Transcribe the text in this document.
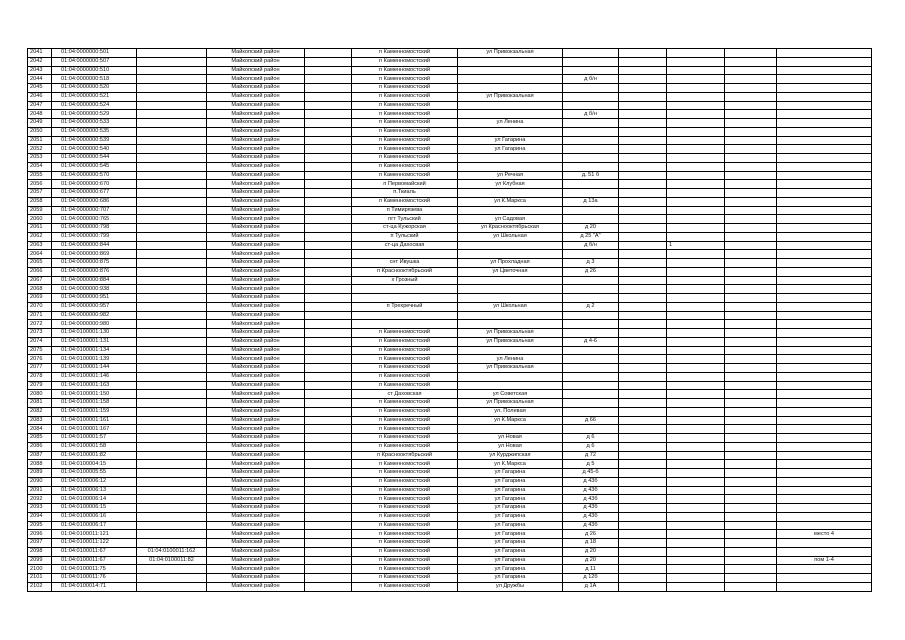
2041	01:04:0000000:501		Майкопский район		п Каменномостский	ул Привокзальная					
2042	01:04:0000000:507		Майкопский район		п Каменномостский						
2043	01:04:0000000:510		Майкопский район		п Каменномостский						
2044	01:04:0000000:518		Майкопский район		п Каменномостский		д б/н				
2045	01:04:0000000:520		Майкопский район		п Каменномостский						
2046	01:04:0000000:521		Майкопский район		п Каменномостский	ул Привокзальная					
2047	01:04:0000000:524		Майкопский район		п Каменномостский						
2048	01:04:0000000:529		Майкопский район		п Каменномостский		д б/н				
2049	01:04:0000000:533		Майкопский район		п Каменномостский	ул Ленина					
2050	01:04:0000000:535		Майкопский район		п Каменномостский						
2051	01:04:0000000:539		Майкопский район		п Каменномостский	ул Гагарина					
2052	01:04:0000000:540		Майкопский район		п Каменномостский	ул Гагарина					
2053	01:04:0000000:544		Майкопский район		п Каменномостский						
2054	01:04:0000000:545		Майкопский район		п Каменномостский						
2055	01:04:0000000:570		Майкопский район		п Каменномостский	ул Речная	д. 51 б				
2056	01:04:0000000:670		Майкопский район		п Первомайский	ул Клубная					
2057	01:04:0000000:677		Майкопский район		п.Ткиаль						
2058	01:04:0000000:686		Майкопский район		п Каменномостский	ул К.Маркса	д 13а				
2059	01:04:0000000:707		Майкопский район		п Тимирязева						
2060	01:04:0000000:765		Майкопский район		пгт Тульский	ул Садовая					
2061	01:04:0000000:798		Майкопский район		ст-ца Кужорская	ул Краснооктябрьская	д 20				
2062	01:04:0000000:799		Майкопский район		п Тульский	ул Школьная	д 25 "А"				
2063	01:04:0000000:844		Майкопский район		ст-ца Дахосвая		д б/н		1		
2064	01:04:0000000:869		Майкопский район								
2065	01:04:0000000:875		Майкопский район		снт Ивушка	ул Прохладная	д 3				
2066	01:04:0000000:876		Майкопский район		п Краснооктябрьский	ул Цветочная	д 26				
2067	01:04:0000000:884		Майкопский район		х Грозный						
2068	01:04:0000000:938		Майкопский район								
2069	01:04:0000000:951		Майкопский район								
2070	01:04:0000000:957		Майкопский район		п Трехречный	ул Школьная	д 2				
2071	01:04:0000000:982		Майкопский район								
2072	01:04:0000000:980		Майкопский район								
2073	01:04:0100001:130		Майкопский район		п Каменномостский	ул Привокзальная					
2074	01:04:0100001:131		Майкопский район		п Каменномостский	ул Привокзальная	д 4-6				
2075	01:04:0100001:134		Майкопский район		п Каменномостский						
2076	01:04:0100001:139		Майкопский район		п Каменномостский	ул Ленина					
2077	01:04:0100001:144		Майкопский район		п Каменномостский	ул Привокзальная					
2078	01:04:0100001:146		Майкопский район		п Каменномостский						
2079	01:04:0100001:163		Майкопский район		п Каменномостский						
2080	01:04:0100001:150		Майкопский район		ст Даховская	ул Советская					
2081	01:04:0100001:158		Майкопский район		п Каменномостский	ул Привокзальная					
2082	01:04:0100001:159		Майкопский район		п Каменномостский	ул. Полевая					
2083	01:04:0100001:161		Майкопский район		п Каменномостский	ул К.Маркса	д 66				
2084	01:04:0100001:167		Майкопский район		п Каменномостский						
2085	01:04:0100001:57		Майкопский район		п Каменномостский	ул Новая	д 6				
2086	01:04:0100001:58		Майкопский район		п Каменномостский	ул Новая	д 6				
2087	01:04:0100001:82		Майкопский район		п Краснооктябрьский	ул Курджипская	д 72				
2088	01:04:0100004:15		Майкопский район		п Каменномостский	ул К.Маркса	д 5				
2089	01:04:0100005:55		Майкопский район		п Каменномостский	ул Гагарина	д 45-б				
2090	01:04:0100006:12		Майкопский район		п Каменномостский	ул Гагарина	д 43б				
2091	01:04:0100006:13		Майкопский район		п Каменномостский	ул Гагарина	д 43б				
2092	01:04:0100006:14		Майкопский район		п Каменномостский	ул Гагарина	д 43б				
2093	01:04:0100006:15		Майкопский район		п Каменномостский	ул Гагарина	д 43б				
2094	01:04:0100006:16		Майкопский район		п Каменномостский	ул Гагарина	д 43б				
2095	01:04:0100006:17		Майкопский район		п Каменномостский	ул Гагарина	д 43б				
2096	01:04:0100011:121		Майкопский район		п Каменномостский	ул Гагарина	д 26				место 4
2097	01:04:0100011:122		Майкопский район		п Каменномостский	ул Гагарина	д 18				
2098	01:04:0100011:67	01:04:0100011:162	Майкопский район		п Каменномостский	ул Гагарина	д 20				
2099	01:04:0100011:67	01:04:0100011:82	Майкопский район		п Каменномостский	ул Гагарина	д 20				пом 1-4
2100	01:04:0100011:75		Майкопский район		п Каменномостский	ул Гагарина	д 11				
2101	01:04:0100011:76		Майкопский район		п Каменномостский	ул Гагарина	д 12б				
2102	01:04:0100014:71		Майкопский район		п Каменномостский	ул Дружбы	д 1А				
